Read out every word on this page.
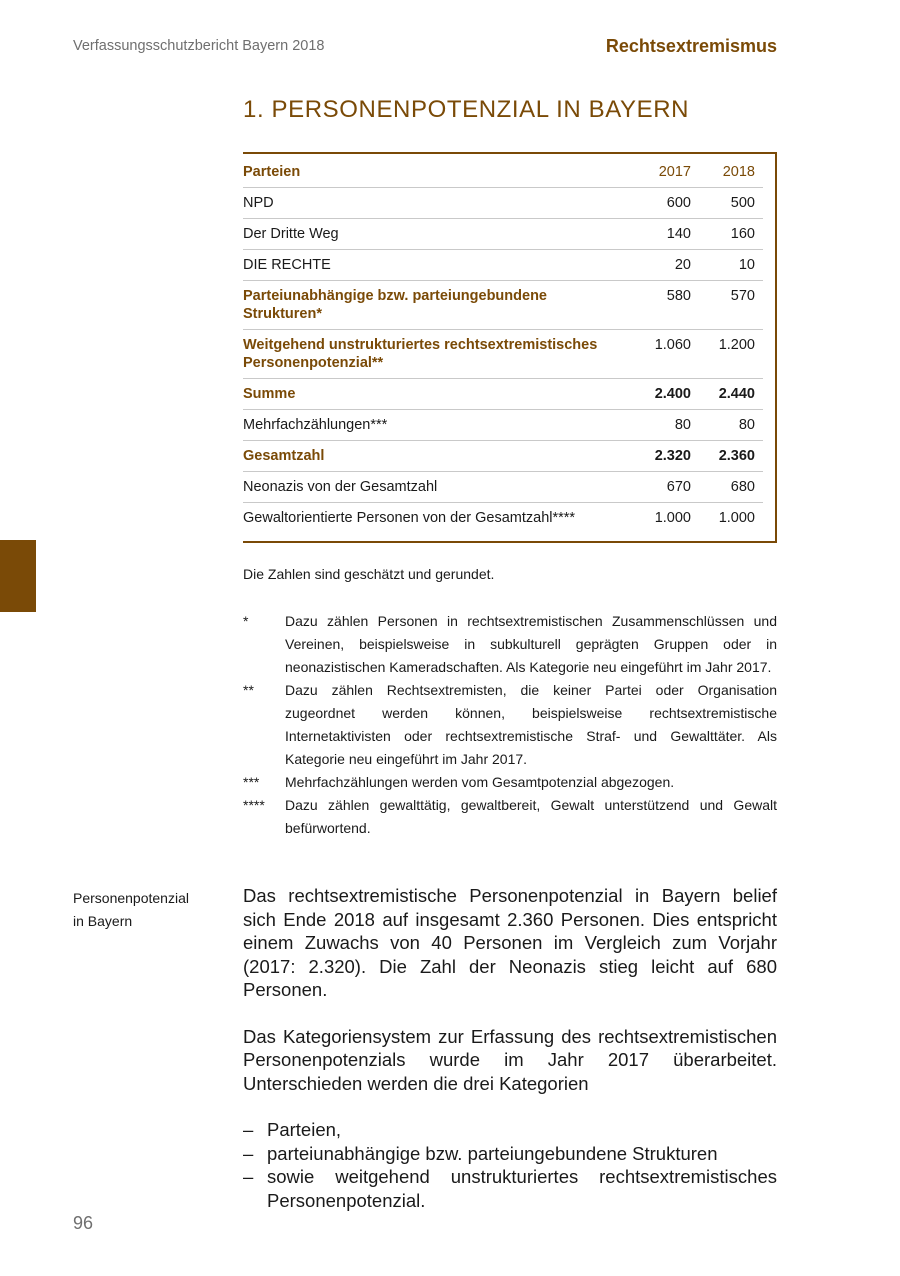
Verfassungsschutzbericht Bayern 2018	Rechtsextremismus
1. PERSONENPOTENZIAL IN BAYERN
Parteien	2017	2018
NPD	600	500
Der Dritte Weg	140	160
DIE RECHTE	20	10
Parteiunabhängige bzw. parteiungebundene Strukturen*	580	570
Weitgehend unstrukturiertes rechtsextremistisches Personenpotenzial**	1.060	1.200
Summe	2.400	2.440
Mehrfachzählungen***	80	80
Gesamtzahl	2.320	2.360
Neonazis von der Gesamtzahl	670	680
Gewaltorientierte Personen von der Gesamtzahl****	1.000	1.000
Die Zahlen sind geschätzt und gerundet.
*	Dazu zählen Personen in rechtsextremistischen Zusammenschlüssen und Vereinen, beispielsweise in subkulturell geprägten Gruppen oder in neonazistischen Kameradschaften. Als Kategorie neu eingeführt im Jahr 2017.
**	Dazu zählen Rechtsextremisten, die keiner Partei oder Organisation zugeordnet werden können, beispielsweise rechtsextremistische Internetaktivisten oder rechtsextremistische Straf- und Gewalttäter. Als Kategorie neu eingeführt im Jahr 2017.
***	Mehrfachzählungen werden vom Gesamtpotenzial abgezogen.
****	Dazu zählen gewalttätig, gewaltbereit, Gewalt unterstützend und Gewalt befürwortend.
Personenpotenzial
in Bayern

Das rechtsextremistische Personenpotenzial in Bayern belief sich Ende 2018 auf insgesamt 2.360 Personen. Dies entspricht einem Zuwachs von 40 Personen im Vergleich zum Vorjahr (2017: 2.320). Die Zahl der Neonazis stieg leicht auf 680 Personen.

Das Kategoriensystem zur Erfassung des rechtsextremistischen Personenpotenzials wurde im Jahr 2017 überarbeitet. Unterschieden werden die drei Kategorien

– Parteien,
– parteiunabhängige bzw. parteiungebundene Strukturen
– sowie weitgehend unstrukturiertes rechtsextremistisches Personenpotenzial.
96
